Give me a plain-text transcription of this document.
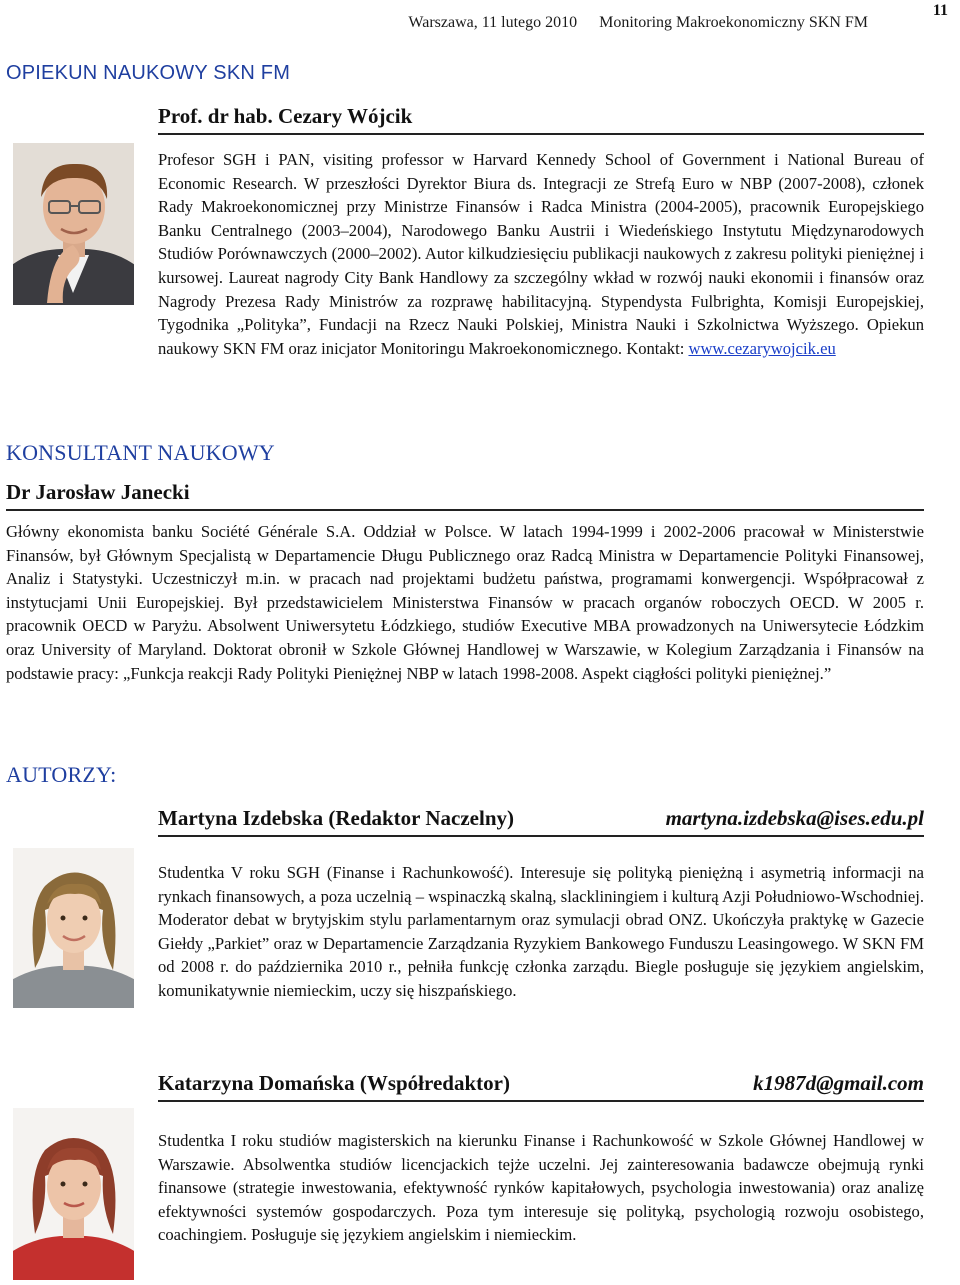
11
Warszawa, 11 lutego 2010 Monitoring Makroekonomiczny SKN FM
OPIEKUN NAUKOWY SKN FM
Prof. dr hab. Cezary Wójcik

Profesor SGH i PAN, visiting professor w Harvard Kennedy School of Government i National Bureau of Economic Research. W przeszłości Dyrektor Biura ds. Integracji ze Strefą Euro w NBP (2007-2008), członek Rady Makroekonomicznej przy Ministrze Finansów i Radca Ministra (2004-2005), pracownik Europejskiego Banku Centralnego (2003–2004), Narodowego Banku Austrii i Wiedeńskiego Instytutu Międzynarodowych Studiów Porównawczych (2000–2002). Autor kilkudziesięciu publikacji naukowych z zakresu polityki pieniężnej i kursowej. Laureat nagrody City Bank Handlowy za szczególny wkład w rozwój nauki ekonomii i finansów oraz Nagrody Prezesa Rady Ministrów za rozprawę habilitacyjną. Stypendysta Fulbrighta, Komisji Europejskiej, Tygodnika „Polityka”, Fundacji na Rzecz Nauki Polskiej, Ministra Nauki i Szkolnictwa Wyższego. Opiekun naukowy SKN FM oraz inicjator Monitoringu Makroekonomicznego. Kontakt: www.cezarywojcik.eu

KONSULTANT NAUKOWY
Dr Jarosław Janecki

Główny ekonomista banku Société Générale S.A. Oddział w Polsce. W latach 1994-1999 i 2002-2006 pracował w Ministerstwie Finansów, był Głównym Specjalistą w Departamencie Długu Publicznego oraz Radcą Ministra w Departamencie Polityki Finansowej, Analiz i Statystyki. Uczestniczył m.in. w pracach nad projektami budżetu państwa, programami konwergencji. Współpracował z instytucjami Unii Europejskiej. Był przedstawicielem Ministerstwa Finansów w pracach organów roboczych OECD. W 2005 r. pracownik OECD w Paryżu. Absolwent Uniwersytetu Łódzkiego, studiów Executive MBA prowadzonych na Uniwersytecie Łódzkim oraz University of Maryland. Doktorat obronił w Szkole Głównej Handlowej w Warszawie, w Kolegium Zarządzania i Finansów na podstawie pracy: „Funkcja reakcji Rady Polityki Pieniężnej NBP w latach 1998-2008. Aspekt ciągłości polityki pieniężnej.”

AUTORZY:
Martyna Izdebska (Redaktor Naczelny)	martyna.izdebska@ises.edu.pl

Studentka V roku SGH (Finanse i Rachunkowość). Interesuje się polityką pieniężną i asymetrią informacji na rynkach finansowych, a poza uczelnią – wspinaczką skalną, slackliningiem i kulturą Azji Południowo-Wschodniej. Moderator debat w brytyjskim stylu parlamentarnym oraz symulacji obrad ONZ. Ukończyła praktykę w Gazecie Giełdy „Parkiet” oraz w Departamencie Zarządzania Ryzykiem Bankowego Funduszu Leasingowego. W SKN FM od 2008 r. do października 2010 r., pełniła funkcję członka zarządu. Biegle posługuje się językiem angielskim, komunikatywnie niemieckim, uczy się hiszpańskiego.

Katarzyna Domańska (Współredaktor)	k1987d@gmail.com

Studentka I roku studiów magisterskich na kierunku Finanse i Rachunkowość w Szkole Głównej Handlowej w Warszawie. Absolwentka studiów licencjackich tejże uczelni. Jej zainteresowania badawcze obejmują rynki finansowe (strategie inwestowania, efektywność rynków kapitałowych, psychologia inwestowania) oraz analizę efektywności systemów gospodarczych. Poza tym interesuje się polityką, psychologią rozwoju osobistego, coachingiem. Posługuje się językiem angielskim i niemieckim.
